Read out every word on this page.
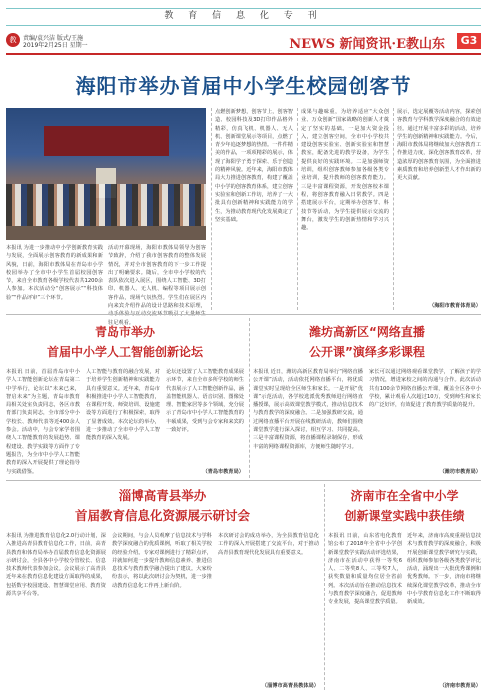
教 育 信 息 化 专 刊
教	责编/袁兴洁 版式/王施
2019年2月25日 星期一	NEWS 新闻资讯·E教山东	G3
海阳市举办首届中小学生校园创客节
本报讯 为进一步推动中小学创新教育实践与发展，全面展示创客教育的新成果和新风貌，日前，海阳市教体局在青岛市小学校园举办了全市中小学生首届校园创客节，来自全市教育各级学校代表共1200余人参加。本次活动分“创客展示”“科技体验”“作品评审”三个环节。
活动开幕现场，海阳市教体局领导为创客节致辞，介绍了我市创客教育的整体发展情况，并对全市创客教育的下一步工作提出了明确要求。随后，全市中小学校的代表队依次进入展区，围绕人工智能、3D打印、机器人、无人机、编程等项目展示创客作品，现场气氛热烈。学生们在展区内向来宾介绍作品的设计思路和技术原理， 驻足观看。
点燃创新梦想，创客节上，创客智造、校园科技及3D打印作品格外精彩，仿真飞机、机器人、无人机、创新课堂展示等项目，点燃了青少年追逐梦想的热情。一件件精美的作品，一项项精彩的展示，体现了海阳学子勇于探索、乐于创造的精神风貌。近年来，海阳市教体局大力推进创客教育，构建了覆盖中小学的创客教育体系，建立创客实验室和创新工作坊，培养了一大批具有创新精神和实践能力的学生，为推动教育现代化发展奠定了坚实基础。
成果与趣味重，为培养适应“大众创业、万众创新”国家战略的创新人才奠定了坚实的基础。一是加大资金投入，建立创客空间，全市中小学校共建设创客实验室、创新实验室和智慧教室，配备先进的教学设备，为学生提供良好的实践环境。二是加强师资培训，组织创客教师参加各级各类专业培训，提升教师的创客教育能力。三是丰富课程资源，开发创客校本课程，将创客教育融入日常教学。四是搭建展示平台，定期举办创客节、科技节等活动，为学生提供展示交流的舞台，激发学生的创新热情和学习兴趣。
展示，选定展覆等活动内容，探索创客教育与学科教学深度融合的有效途径。通过开展丰富多彩的活动，培养学生的创新精神和实践能力。今后，海阳市教体局将继续加大创客教育工作推进力度，深化创客教育改革，营造浓厚的创客教育氛围，为全面推进素质教育和培养创新型人才作出新的更大贡献。
（海阳市教育体育局）
青岛市举办
首届中小学人工智能创新论坛
本报讯 日前，首届青岛市中小学人工智能创新论坛在青岛第二中学举行，论坛以“未来已来，智启未来”为主题，青岛市教育局相关处室负责同志，各区市教育部门负责同志，全市部分中小学校长、教师代表等近400余人参会。活动中，与会专家学者围绕人工智能教育的发展趋势、课程建设、教学实践等方面作了专题报告，为全市中小学人工智能教育的深入开展提供了理论指导与实践借鉴。
人工智能与教育的融合发展，对于培养学生创新精神和实践能力具有重要意义。近年来，青岛市积极推进中小学人工智能教育，在课程开发、师资培训、设施建设等方面进行了积极探索，取得了显著成效。本次论坛的举办，进一步推动了全市中小学人工智能教育的深入发展。
论坛还设置了人工智能教育成果展示环节，来自全市多所学校的师生代表展示了人工智能创新作品，涵盖智能机器人、语音识别、图像处理、智能家居等多个领域，充分展示了青岛市中小学人工智能教育的丰硕成果，受到与会专家和来宾的一致好评。
（青岛市教育局）
潍坊高新区“网络直播
公开课”演绎多彩课程
本报讯 近日，潍坊高新区教育局举行“网络直播公开课”活动，活动依托网络直播平台，将优质课堂实时呈现给全区师生和家长。一是开展“优课”示范活动，各学校选派优秀教师进行网络直播授课，展示高效课堂教学模式，推动信息技术与教育教学的深度融合。二是加强教研交流，通过网络直播平台开展在线教研活动，教师们围绕课堂教学进行深入探讨，相互学习、共同提高。三是丰富课程资源，将直播课程录制保存，形成丰富的网络课程资源库，方便师生随时学习。
家长可以通过网络观看课堂教学，了解孩子的学习情况，增进家校之间的沟通与合作。此次活动共有100余节网络直播公开课，覆盖全区各中小学校，累计观看人次超过10万，受到师生和家长的广泛好评，有效促进了教育教学质量的提升。
（潍坊市教育局）
淄博高青县举办
首届教育信息化资源展示研讨会
本报讯 为推进教育信息化2.0行动计划，深入推进高青县教育信息化工作，日前，高青县教育和体育局举办首届教育信息化资源展示研讨会，全县各中小学校分管校长、信息技术教师代表参加会议。会议展示了高青县近年来在教育信息化建设方面取得的成果，包括数字校园建设、智慧课堂应用、教育资源共享平台等。
会议期间，与会人员观摩了信息技术与学科教学深度融合的优质课例，听取了相关学校的经验介绍。专家对课例进行了精彩点评，并就如何进一步提升教师信息素养、推进信息技术与教育教学融合提出了建议。大家纷纷表示，将以此次研讨会为契机，进一步推动教育信息化工作再上新台阶。
本次研讨会的成功举办，为全县教育信息化工作的深入开展搭建了交流平台，对于推动高青县教育现代化发展具有重要意义。
（淄博市高青县教体局）
济南市在全省中小学
创新课堂实践中获佳绩
本报讯 日前，山东省电化教育馆公布了2018年全省中小学创新课堂教学实践活动评选结果，济南市在活动中获得一等奖6人、二等奖8人、三等奖7人，获奖数量和质量均位居全省前列。本次活动旨在推动信息技术与教育教学深度融合，促进教师专业发展，提高课堂教学质量。
近年来，济南市高度重视信息技术与教育教学的深度融合，积极开展创新课堂教学研究与实践，组织教师参加各级各类教学评比活动，涌现出一大批优秀课例和优秀教师。下一步，济南市将继续深化课堂教学改革，推动全市中小学教育信息化工作不断取得新成效。
（济南市教育局）
